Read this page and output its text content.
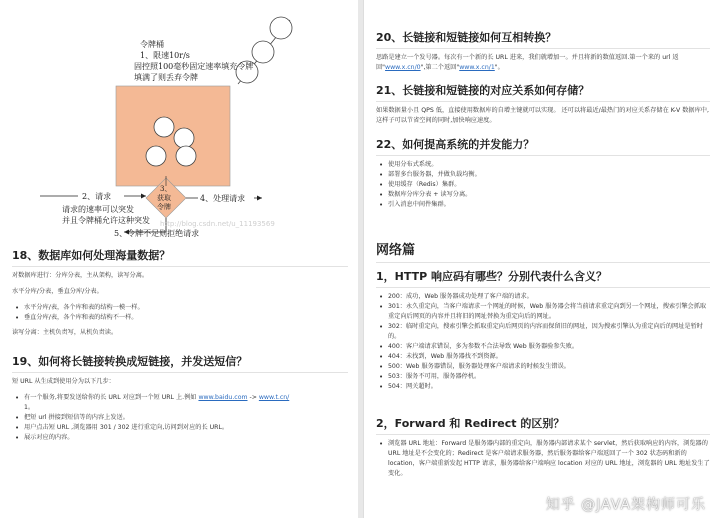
令牌桶
1、限速10r/s
固控照100毫秒固定速率填充令牌
填满了则丢弃令牌
2、请求
3、
获取
令牌
4、处理请求
请求的速率可以突发
并且令牌桶允许这种突发
5、令牌不足则拒绝请求
http://blog.csdn.net/u_11193569
18、数据库如何处理海量数据？

对数据库进行：分库分表，主从架构，读写分离。

水平分库/分表，垂直分库/分表。

• 水平分库/表，各个库和表的结构一模一样。
• 垂直分库/表，各个库和表的结构不一样。

读写分离：主机负责写，从机负责读。

19、如何将长链接转换成短链接，并发送短信？

短 URL 从生成到使用分为以下几步：

• 有一个服务,将要发送给你的长 URL 对应到一个短 URL 上.例如 www.baidu.com -> www.t.cn/
1。
• 把短 url 拼接到短信等的内容上发送。
• 用户点击短 URL ,浏览器用 301 / 302 进行重定向,访问到对应的长 URL。
• 展示对应的内容。
20、长链接和短链接如何互相转换？

思路是建立一个发号器。每次有一个新的长 URL 进来，我们就增加一。并且将新的数值返回.第一个来的 url 返回"www.x.cn/0",第二个返回"www.x.cn/1"。

21、长链接和短链接的对应关系如何存储？

如果数据量小且 QPS 低，直接使用数据库的自增主键就可以实现。 还可以将最近/最热门的对应关系存储在 K-V 数据库中,这样子可以节省空间的同时,加快响应速度。

22、如何提高系统的并发能力？
• 使用分布式系统。
• 部署多台服务器，并做负载均衡。
• 使用缓存（Redis）集群。
• 数据库分库分表 + 读写分离。
• 引入消息中间件集群。
网络篇
1，HTTP 响应码有哪些？分别代表什么含义？
• 200：成功，Web 服务器成功处理了客户端的请求。
• 301：永久重定向，当客户端请求一个网址的时候，Web 服务器会将当前请求重定向到另一个网址，搜索引擎会抓取重定向后网页的内容并且将旧的网址替换为重定向后的网址。
• 302：临时重定向，搜索引擎会抓取重定向后网页的内容而保留旧的网址，因为搜索引擎认为重定向后的网址是暂时的。
• 400：客户端请求错误，多为参数不合法导致 Web 服务器验参失败。
• 404：未找到，Web 服务器找不到资源。
• 500：Web 服务器错误，服务器处理客户端请求的时候发生错误。
• 503：服务不可用，服务器停机。
• 504：网关超时。
2，Forward 和 Redirect 的区别？
• 浏览器 URL 地址：Forward 是服务器内部的重定向，服务器内部请求某个 servlet，然后获取响应的内容，浏览器的 URL 地址是不会变化的；Redirect 是客户端请求服务器，然后服务器给客户端返回了一个 302 状态码和新的 location，客户端重新发起 HTTP 请求，服务器给客户端响应 location 对应的 URL 地址，浏览器的 URL 地址发生了变化。
知乎 @JAVA架构师可乐
